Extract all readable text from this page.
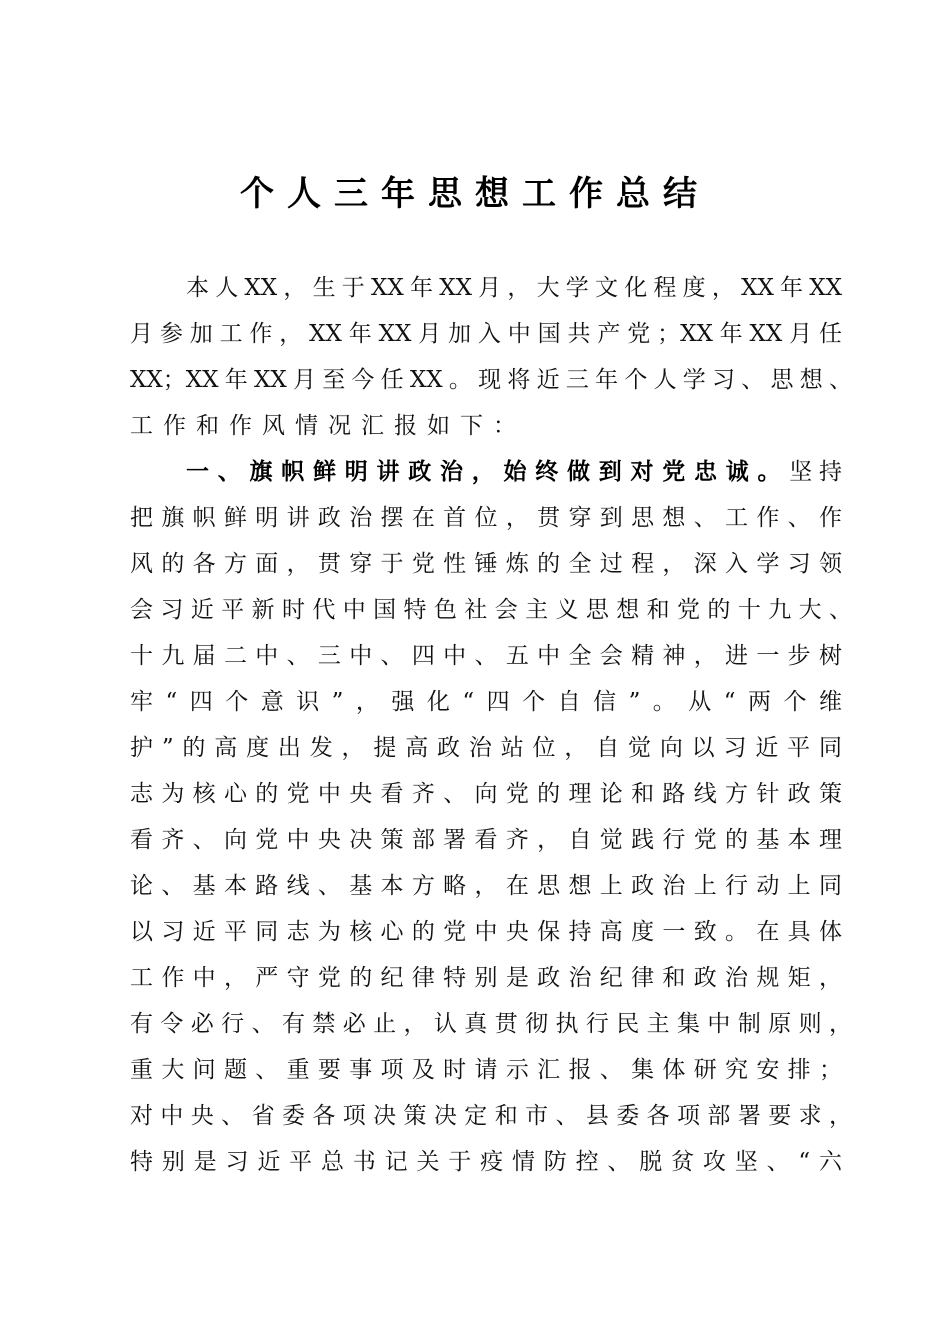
个人三年思想工作总结
本人XX，生于XX年XX月，大学文化程度，XX年XX
月参加工作，XX年XX月加入中国共产党；XX年XX月任
XX；XX年XX月至今任XX。现将近三年个人学习、思想、
工作和作风情况汇报如下：
一、旗帜鲜明讲政治，始终做到对党忠诚。坚持
把旗帜鲜明讲政治摆在首位，贯穿到思想、工作、作
风的各方面，贯穿于党性锤炼的全过程，深入学习领
会习近平新时代中国特色社会主义思想和党的十九大、
十九届二中、三中、四中、五中全会精神，进一步树
牢“四个意识”，强化“四个自信”。从“两个维
护”的高度出发，提高政治站位，自觉向以习近平同
志为核心的党中央看齐、向党的理论和路线方针政策
看齐、向党中央决策部署看齐，自觉践行党的基本理
论、基本路线、基本方略，在思想上政治上行动上同
以习近平同志为核心的党中央保持高度一致。在具体
工作中，严守党的纪律特别是政治纪律和政治规矩，
有令必行、有禁必止，认真贯彻执行民主集中制原则，
重大问题、重要事项及时请示汇报、集体研究安排；
对中央、省委各项决策决定和市、县委各项部署要求，
特别是习近平总书记关于疫情防控、脱贫攻坚、“六
